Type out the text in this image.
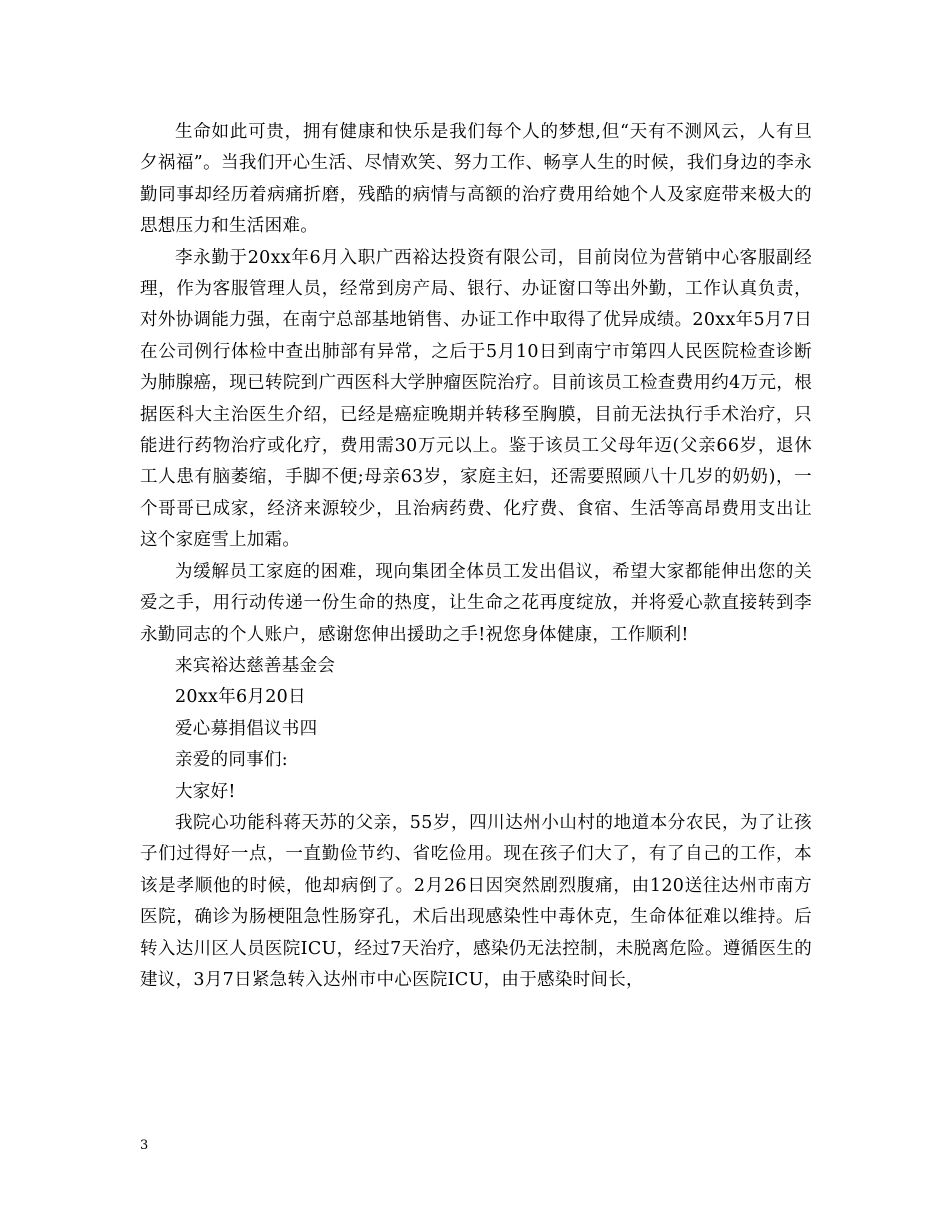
生命如此可贵，拥有健康和快乐是我们每个人的梦想,但“天有不测风云，人有旦夕祸福”。当我们开心生活、尽情欢笑、努力工作、畅享人生的时候，我们身边的李永勤同事却经历着病痛折磨，残酷的病情与高额的治疗费用给她个人及家庭带来极大的思想压力和生活困难。

李永勤于20xx年6月入职广西裕达投资有限公司，目前岗位为营销中心客服副经理，作为客服管理人员，经常到房产局、银行、办证窗口等出外勤，工作认真负责，对外协调能力强，在南宁总部基地销售、办证工作中取得了优异成绩。20xx年5月7日在公司例行体检中查出肺部有异常，之后于5月10日到南宁市第四人民医院检查诊断为肺腺癌，现已转院到广西医科大学肿瘤医院治疗。目前该员工检查费用约4万元，根据医科大主治医生介绍，已经是癌症晚期并转移至胸膜，目前无法执行手术治疗，只能进行药物治疗或化疗，费用需30万元以上。鉴于该员工父母年迈(父亲66岁，退休工人患有脑萎缩，手脚不便;母亲63岁，家庭主妇，还需要照顾八十几岁的奶奶)，一个哥哥已成家，经济来源较少，且治病药费、化疗费、食宿、生活等高昂费用支出让这个家庭雪上加霜。

为缓解员工家庭的困难，现向集团全体员工发出倡议，希望大家都能伸出您的关爱之手，用行动传递一份生命的热度，让生命之花再度绽放，并将爱心款直接转到李永勤同志的个人账户，感谢您伸出援助之手!祝您身体健康，工作顺利!

来宾裕达慈善基金会

20xx年6月20日

爱心募捐倡议书四

亲爱的同事们:

大家好!

我院心功能科蒋天苏的父亲，55岁，四川达州小山村的地道本分农民，为了让孩子们过得好一点，一直勤俭节约、省吃俭用。现在孩子们大了，有了自己的工作，本该是孝顺他的时候，他却病倒了。2月26日因突然剧烈腹痛，由120送往达州市南方医院，确诊为肠梗阻急性肠穿孔，术后出现感染性中毒休克，生命体征难以维持。后转入达川区人员医院ICU，经过7天治疗，感染仍无法控制，未脱离危险。遵循医生的建议，3月7日紧急转入达州市中心医院ICU，由于感染时间长，

3
